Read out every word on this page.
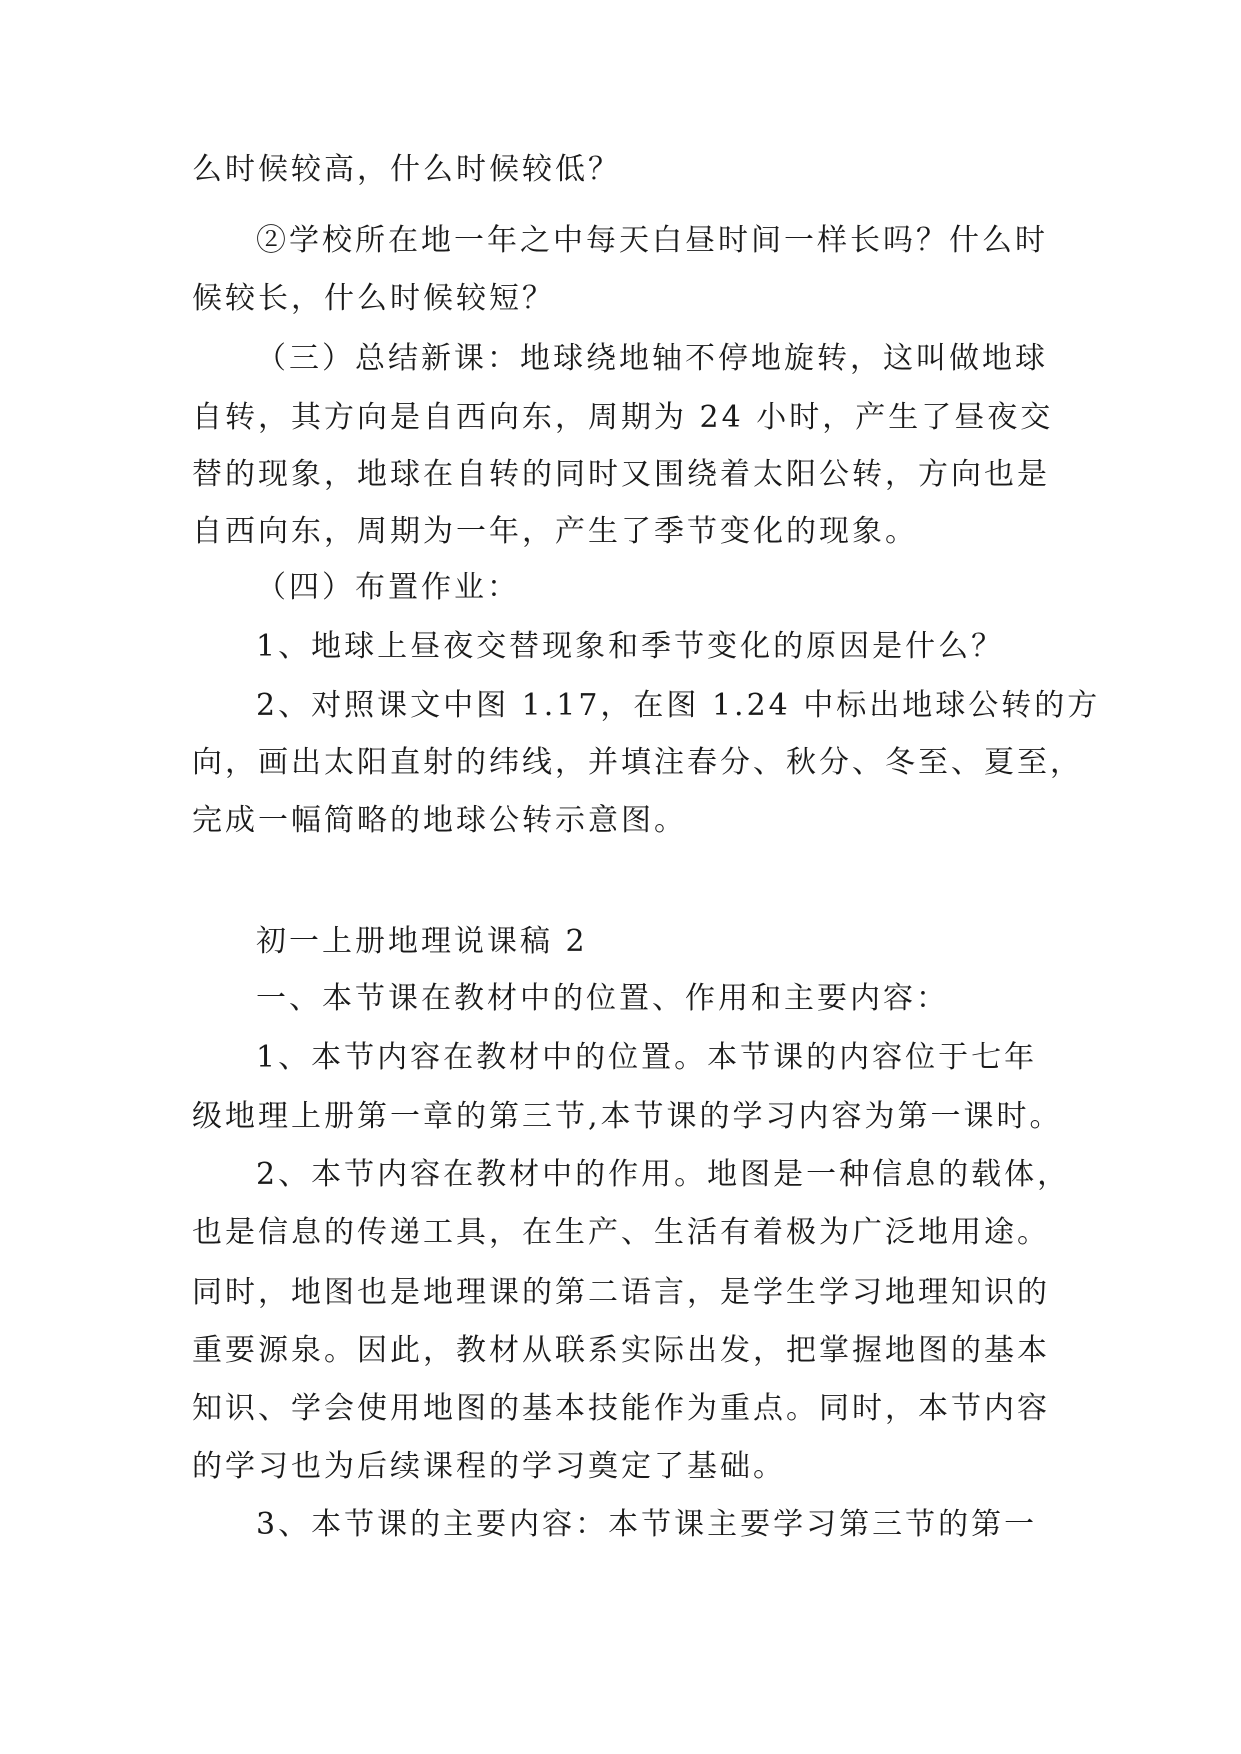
么时候较高，什么时候较低？
②学校所在地一年之中每天白昼时间一样长吗？什么时
候较长，什么时候较短？
（三）总结新课：地球绕地轴不停地旋转，这叫做地球
自转，其方向是自西向东，周期为 24 小时，产生了昼夜交
替的现象，地球在自转的同时又围绕着太阳公转，方向也是
自西向东，周期为一年，产生了季节变化的现象。
（四）布置作业：
1、地球上昼夜交替现象和季节变化的原因是什么？
2、对照课文中图 1.17，在图 1.24 中标出地球公转的方
向，画出太阳直射的纬线，并填注春分、秋分、冬至、夏至，
完成一幅简略的地球公转示意图。
初一上册地理说课稿 2
一、本节课在教材中的位置、作用和主要内容：
1、本节内容在教材中的位置。本节课的内容位于七年
级地理上册第一章的第三节,本节课的学习内容为第一课时。
2、本节内容在教材中的作用。地图是一种信息的载体，
也是信息的传递工具，在生产、生活有着极为广泛地用途。
同时，地图也是地理课的第二语言，是学生学习地理知识的
重要源泉。因此，教材从联系实际出发，把掌握地图的基本
知识、学会使用地图的基本技能作为重点。同时，本节内容
的学习也为后续课程的学习奠定了基础。
3、本节课的主要内容：本节课主要学习第三节的第一
